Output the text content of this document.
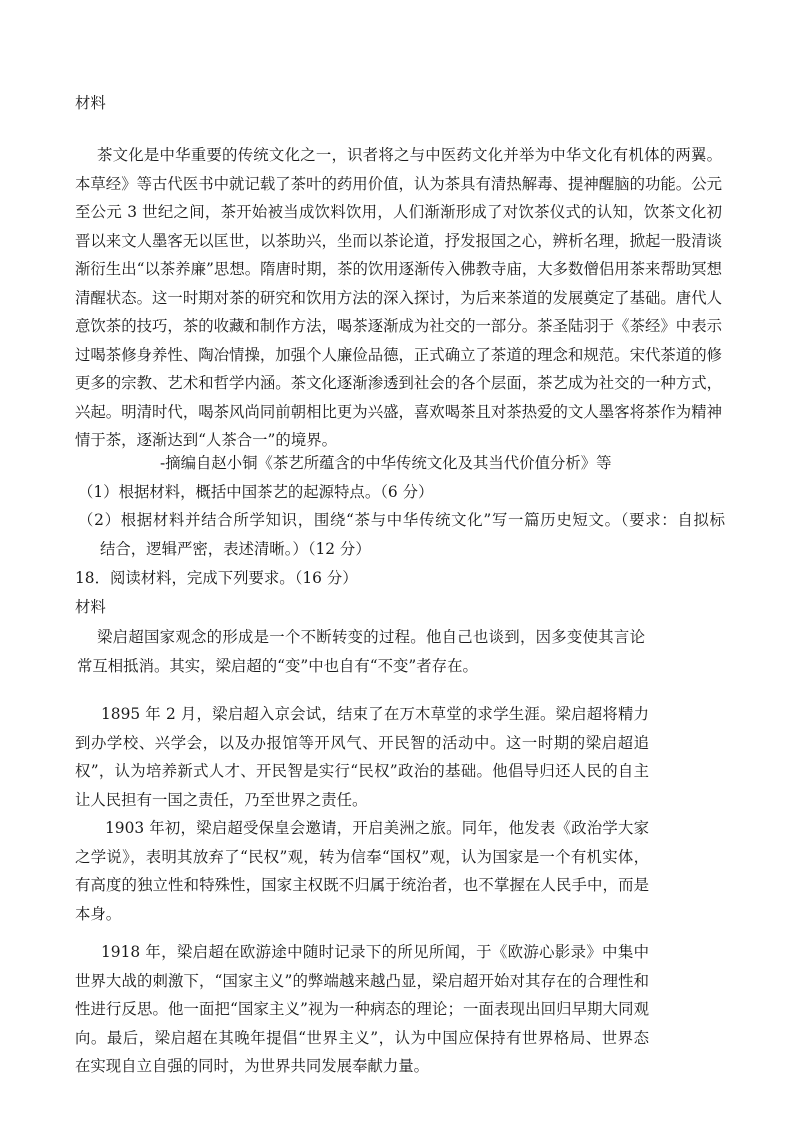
材料
茶文化是中华重要的传统文化之一，识者将之与中医药文化并举为中华文化有机体的两翼。
本草经》等古代医书中就记载了茶叶的药用价值，认为茶具有清热解毒、提神醒脑的功能。公元
至公元 3 世纪之间，茶开始被当成饮料饮用，人们渐渐形成了对饮茶仪式的认知，饮茶文化初
晋以来文人墨客无以匡世，以茶助兴，坐而以茶论道，抒发报国之心，辨析名理，掀起一股清谈
渐衍生出“以茶养廉”思想。隋唐时期，茶的饮用逐渐传入佛教寺庙，大多数僧侣用茶来帮助冥想
清醒状态。这一时期对茶的研究和饮用方法的深入探讨，为后来茶道的发展奠定了基础。唐代人
意饮茶的技巧，茶的收藏和制作方法，喝茶逐渐成为社交的一部分。茶圣陆羽于《茶经》中表示
过喝茶修身养性、陶冶情操，加强个人廉俭品德，正式确立了茶道的理念和规范。宋代茶道的修
更多的宗教、艺术和哲学内涵。茶文化逐渐渗透到社会的各个层面，茶艺成为社交的一种方式，
兴起。明清时代，喝茶风尚同前朝相比更为兴盛，喜欢喝茶且对茶热爱的文人墨客将茶作为精神
情于茶，逐渐达到“人茶合一”的境界。
-摘编自赵小铜《茶艺所蕴含的中华传统文化及其当代价值分析》等
（1）根据材料，概括中国茶艺的起源特点。（6 分）
（2）根据材料并结合所学知识，围绕“茶与中华传统文化”写一篇历史短文。（要求：自拟标
结合，逻辑严密，表述清晰。）（12 分）
18．阅读材料，完成下列要求。（16 分）
材料
梁启超国家观念的形成是一个不断转变的过程。他自己也谈到，因多变使其言论
常互相抵消。其实，梁启超的“变”中也自有“不变”者存在。
1895 年 2 月，梁启超入京会试，结束了在万木草堂的求学生涯。梁启超将精力
到办学校、兴学会，以及办报馆等开风气、开民智的活动中。这一时期的梁启超追
权”，认为培养新式人才、开民智是实行“民权”政治的基础。他倡导归还人民的自主
让人民担有一国之责任，乃至世界之责任。
1903 年初，梁启超受保皇会邀请，开启美洲之旅。同年，他发表《政治学大家
之学说》，表明其放弃了“民权”观，转为信奉“国权”观，认为国家是一个有机实体，
有高度的独立性和特殊性，国家主权既不归属于统治者，也不掌握在人民手中，而是
本身。
1918 年，梁启超在欧游途中随时记录下的所见所闻，于《欧游心影录》中集中
世界大战的刺激下，“国家主义”的弊端越来越凸显，梁启超开始对其存在的合理性和
性进行反思。他一面把“国家主义”视为一种病态的理论；一面表现出回归早期大同观
向。最后，梁启超在其晚年提倡“世界主义”，认为中国应保持有世界格局、世界态
在实现自立自强的同时，为世界共同发展奉献力量。
